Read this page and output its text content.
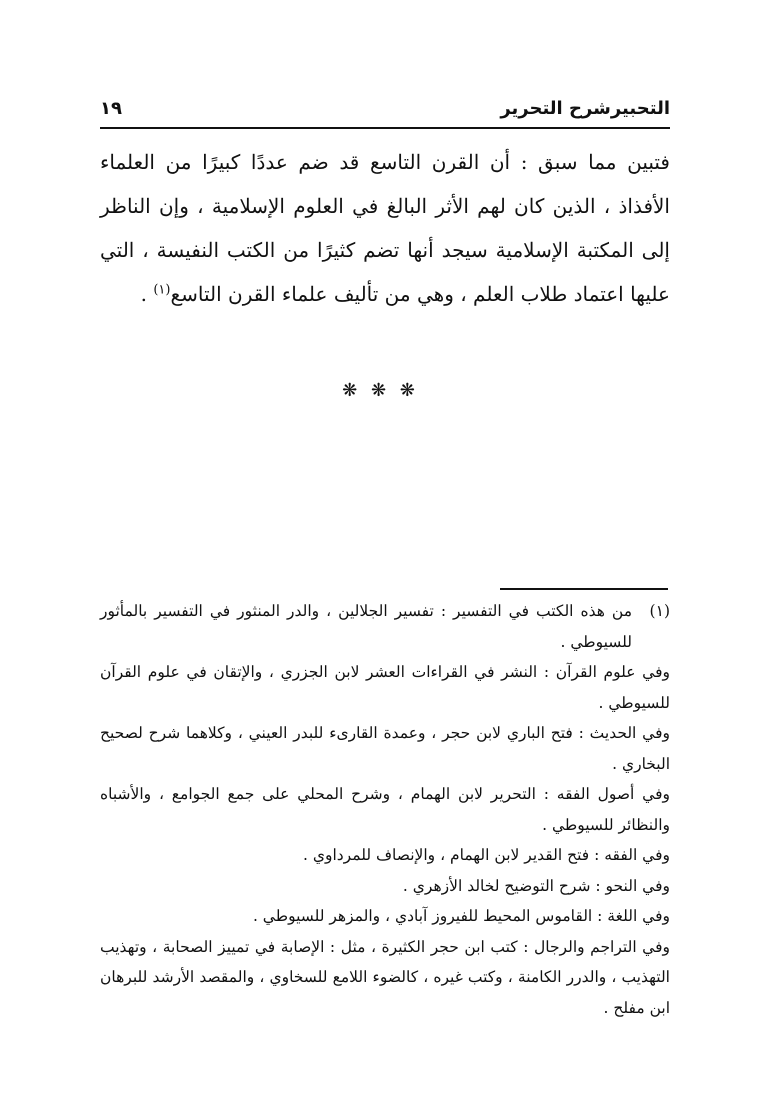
التحبيرشرح التحرير
١٩

فتبين مما سبق : أن القرن التاسع قد ضم عددًا كبيرًا من العلماء الأفذاذ ، الذين كان لهم الأثر البالغ في العلوم الإسلامية ، وإن الناظر إلى المكتبة الإسلامية سيجد أنها تضم كثيرًا من الكتب النفيسة ، التي عليها اعتماد طلاب العلم ، وهي من تأليف علماء القرن التاسع$^{(١)}$ .

❋ ❋ ❋

(١)
من هذه الكتب في التفسير : تفسير الجلالين ، والدر المنثور في التفسير بالمأثور للسيوطي .

وفي علوم القرآن : النشر في القراءات العشر لابن الجزري ، والإتقان في علوم القرآن للسيوطي .

وفي الحديث : فتح الباري لابن حجر ، وعمدة القارىء للبدر العيني ، وكلاهما شرح لصحيح البخاري .

وفي أصول الفقه : التحرير لابن الهمام ، وشرح المحلي على جمع الجوامع ، والأشباه والنظائر للسيوطي .

وفي الفقه : فتح القدير لابن الهمام ، والإنصاف للمرداوي .

وفي النحو : شرح التوضيح لخالد الأزهري .

وفي اللغة : القاموس المحيط للفيروز آبادي ، والمزهر للسيوطي .

وفي التراجم والرجال : كتب ابن حجر الكثيرة ، مثل : الإصابة في تمييز الصحابة ، وتهذيب التهذيب ، والدرر الكامنة ، وكتب غيره ، كالضوء اللامع للسخاوي ، والمقصد الأرشد للبرهان ابن مفلح .
